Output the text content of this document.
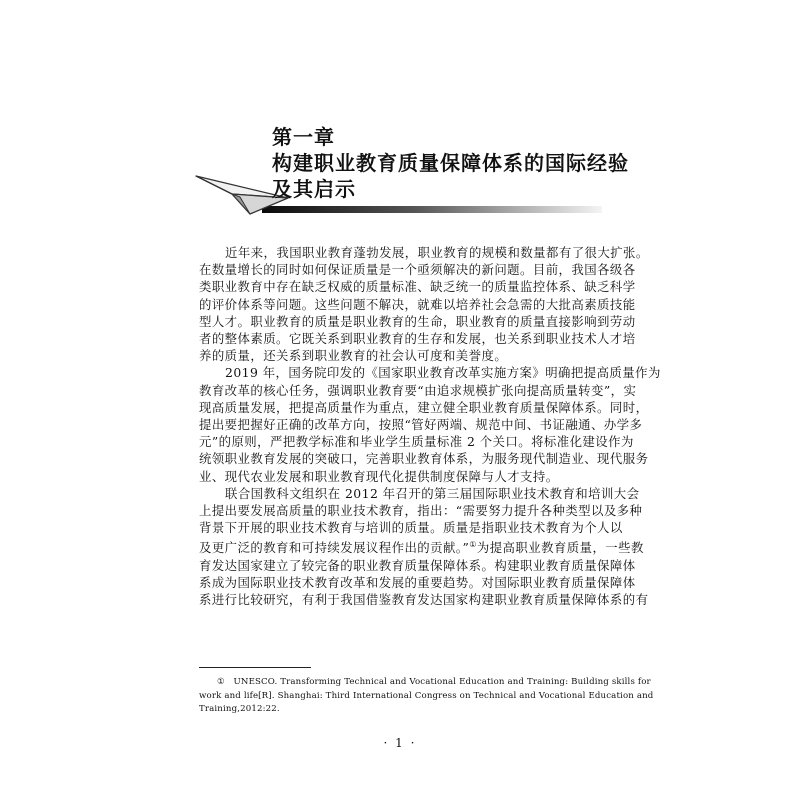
第一章
构建职业教育质量保障体系的国际经验
及其启示

近年来，我国职业教育蓬勃发展，职业教育的规模和数量都有了很大扩张。
在数量增长的同时如何保证质量是一个亟须解决的新问题。目前，我国各级各
类职业教育中存在缺乏权威的质量标准、缺乏统一的质量监控体系、缺乏科学
的评价体系等问题。这些问题不解决，就难以培养社会急需的大批高素质技能
型人才。职业教育的质量是职业教育的生命，职业教育的质量直接影响到劳动
者的整体素质。它既关系到职业教育的生存和发展，也关系到职业技术人才培
养的质量，还关系到职业教育的社会认可度和美誉度。

2019 年，国务院印发的《国家职业教育改革实施方案》明确把提高质量作为
教育改革的核心任务，强调职业教育要“由追求规模扩张向提高质量转变”，实
现高质量发展，把提高质量作为重点，建立健全职业教育质量保障体系。同时，
提出要把握好正确的改革方向，按照“管好两端、规范中间、书证融通、办学多
元”的原则，严把教学标准和毕业学生质量标准 2 个关口。将标准化建设作为
统领职业教育发展的突破口，完善职业教育体系，为服务现代制造业、现代服务
业、现代农业发展和职业教育现代化提供制度保障与人才支持。

联合国教科文组织在 2012 年召开的第三届国际职业技术教育和培训大会
上提出要发展高质量的职业技术教育，指出：“需要努力提升各种类型以及多种
背景下开展的职业技术教育与培训的质量。质量是指职业技术教育为个人以
及更广泛的教育和可持续发展议程作出的贡献。”①为提高职业教育质量，一些教
育发达国家建立了较完备的职业教育质量保障体系。构建职业教育质量保障体
系成为国际职业技术教育改革和发展的重要趋势。对国际职业教育质量保障体
系进行比较研究，有利于我国借鉴教育发达国家构建职业教育质量保障体系的有

① UNESCO. Transforming Technical and Vocational Education and Training: Building skills for
work and life[R]. Shanghai: Third International Congress on Technical and Vocational Education and
Training,2012:22.
· 1 ·
